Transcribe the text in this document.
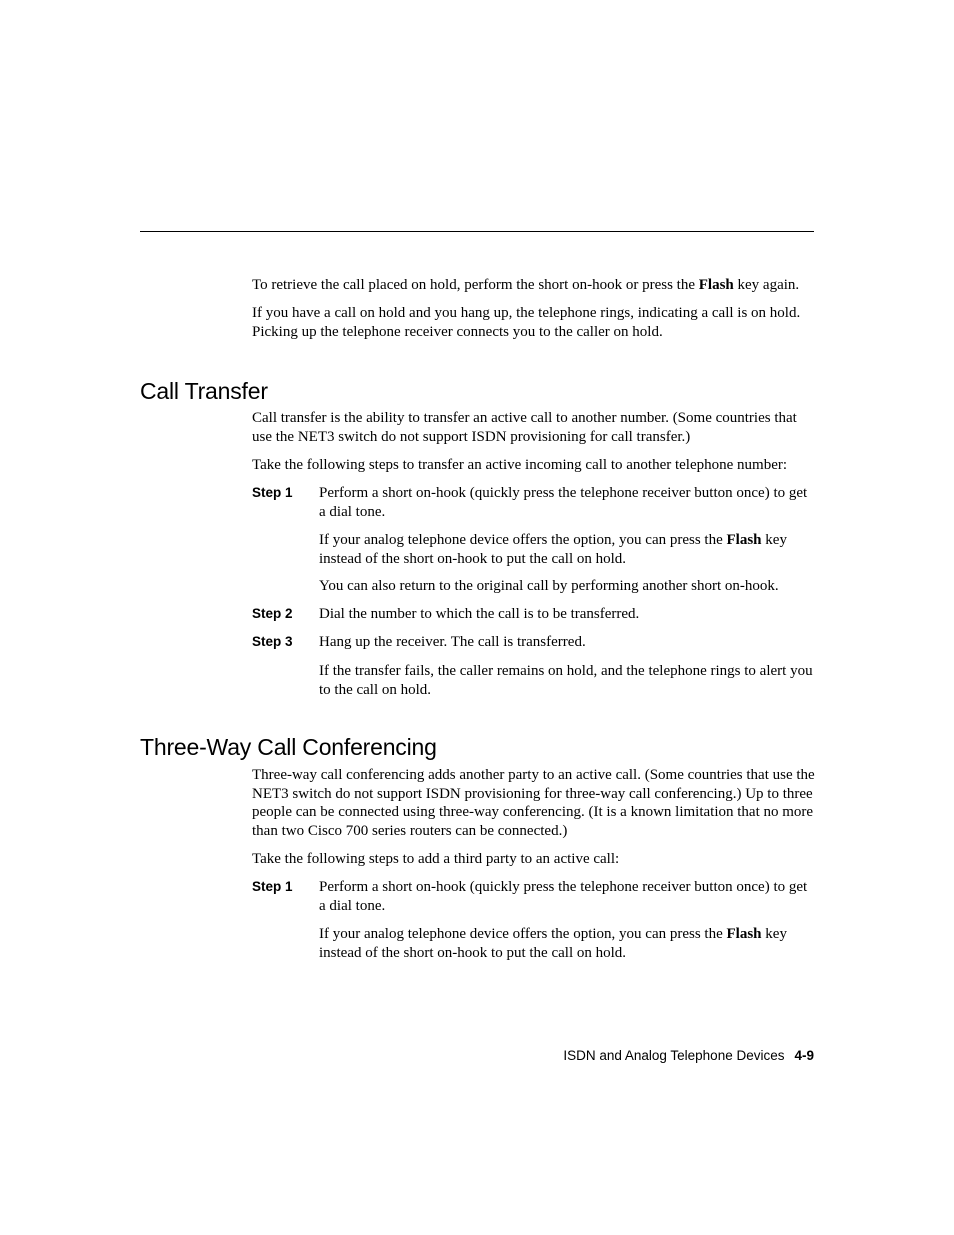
To retrieve the call placed on hold, perform the short on-hook or press the Flash key again.

If you have a call on hold and you hang up, the telephone rings, indicating a call is on hold. Picking up the telephone receiver connects you to the caller on hold.

Call Transfer

Call transfer is the ability to transfer an active call to another number. (Some countries that use the NET3 switch do not support ISDN provisioning for call transfer.)

Take the following steps to transfer an active incoming call to another telephone number:

Step 1 Perform a short on-hook (quickly press the telephone receiver button once) to get a dial tone.

If your analog telephone device offers the option, you can press the Flash key instead of the short on-hook to put the call on hold.

You can also return to the original call by performing another short on-hook.

Step 2 Dial the number to which the call is to be transferred.

Step 3 Hang up the receiver. The call is transferred.

If the transfer fails, the caller remains on hold, and the telephone rings to alert you to the call on hold.

Three-Way Call Conferencing

Three-way call conferencing adds another party to an active call. (Some countries that use the NET3 switch do not support ISDN provisioning for three-way call conferencing.) Up to three people can be connected using three-way conferencing. (It is a known limitation that no more than two Cisco 700 series routers can be connected.)

Take the following steps to add a third party to an active call:

Step 1 Perform a short on-hook (quickly press the telephone receiver button once) to get a dial tone.

If your analog telephone device offers the option, you can press the Flash key instead of the short on-hook to put the call on hold.

ISDN and Analog Telephone Devices 4-9
